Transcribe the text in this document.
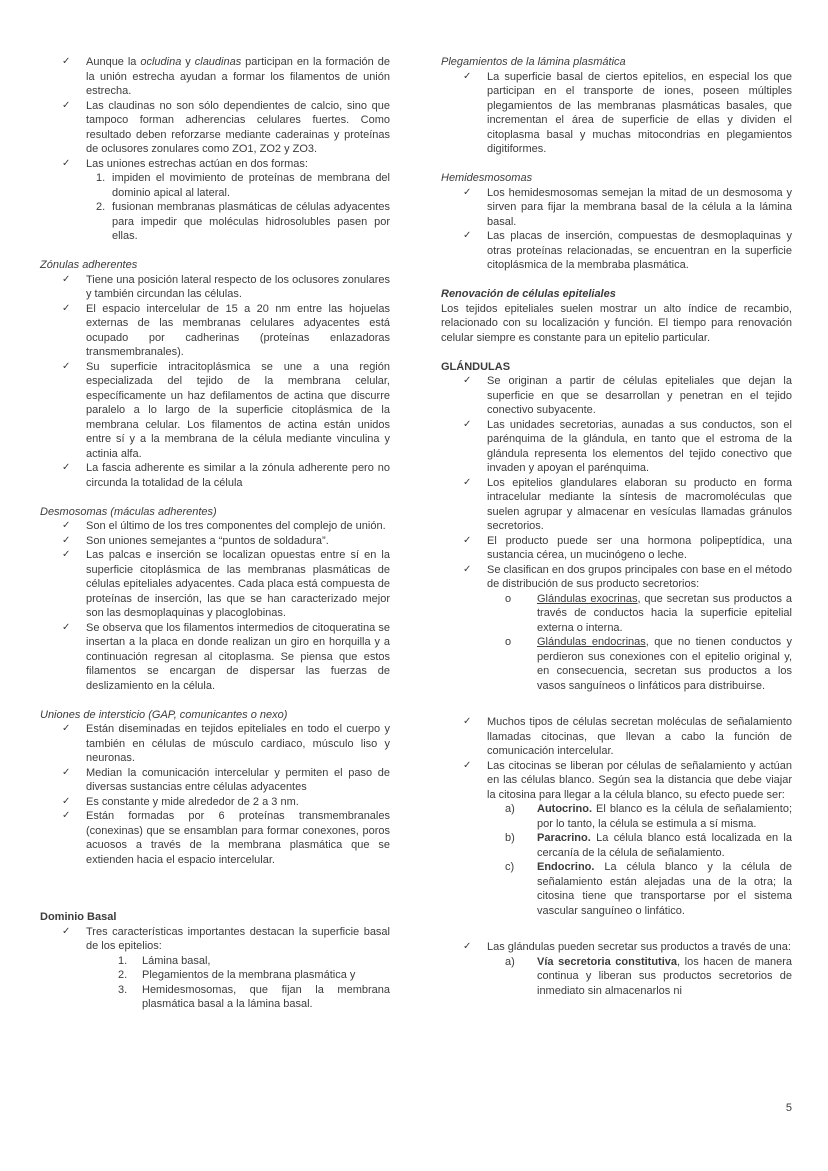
✓ Aunque la ocludina y claudinas participan en la formación de la unión estrecha ayudan a formar los filamentos de unión estrecha.
✓ Las claudinas no son sólo dependientes de calcio, sino que tampoco forman adherencias celulares fuertes. Como resultado deben reforzarse mediante caderainas y proteínas de oclusores zonulares como ZO1, ZO2 y ZO3.
✓ Las uniones estrechas actúan en dos formas:
1. impiden el movimiento de proteínas de membrana del dominio apical al lateral.
2. fusionan membranas plasmáticas de células adyacentes para impedir que moléculas hidrosolubles pasen por ellas.
Zónulas adherentes
✓ Tiene una posición lateral respecto de los oclusores zonulares y también circundan las células.
✓ El espacio intercelular de 15 a 20 nm entre las hojuelas externas de las membranas celulares adyacentes está ocupado por cadherinas (proteínas enlazadoras transmembranales).
✓ Su superficie intracitoplásmica se une a una región especializada del tejido de la membrana celular, específicamente un haz defilamentos de actina que discurre paralelo a lo largo de la superficie citoplásmica de la membrana celular. Los filamentos de actina están unidos entre sí y a la membrana de la célula mediante vinculina y actinia alfa.
✓ La fascia adherente es similar a la zónula adherente pero no circunda la totalidad de la célula
Desmosomas (máculas adherentes)
✓ Son el último de los tres componentes del complejo de unión.
✓ Son uniones semejantes a “puntos de soldadura”.
✓ Las palcas e inserción se localizan opuestas entre sí en la superficie citoplásmica de las membranas plasmáticas de células epiteliales adyacentes. Cada placa está compuesta de proteínas de inserción, las que se han caracterizado mejor son las desmoplaquinas y placoglobinas.
✓ Se observa que los filamentos intermedios de citoqueratina se insertan a la placa en donde realizan un giro en horquilla y a continuación regresan al citoplasma. Se piensa que estos filamentos se encargan de dispersar las fuerzas de deslizamiento en la célula.
Uniones de intersticio (GAP, comunicantes o nexo)
✓ Están diseminadas en tejidos epiteliales en todo el cuerpo y también en células de músculo cardiaco, músculo liso y neuronas.
✓ Median la comunicación intercelular y permiten el paso de diversas sustancias entre células adyacentes
✓ Es constante y mide alrededor de 2 a 3 nm.
✓ Están formadas por 6 proteínas transmembranales (conexinas) que se ensamblan para formar conexones, poros acuosos a través de la membrana plasmática que se extienden hacia el espacio intercelular.
Dominio Basal
✓ Tres características importantes destacan la superficie basal de los epitelios:
1. Lámina basal,
2. Plegamientos de la membrana plasmática y
3. Hemidesmosomas, que fijan la membrana plasmática basal a la lámina basal.
Plegamientos de la lámina plasmática
✓ La superficie basal de ciertos epitelios, en especial los que participan en el transporte de iones, poseen múltiples plegamientos de las membranas plasmáticas basales, que incrementan el área de superficie de ellas y dividen el citoplasma basal y muchas mitocondrias en plegamientos digitiformes.
Hemidesmosomas
✓ Los hemidesmosomas semejan la mitad de un desmosoma y sirven para fijar la membrana basal de la célula a la lámina basal.
✓ Las placas de inserción, compuestas de desmoplaquinas y otras proteínas relacionadas, se encuentran en la superficie citoplásmica de la membraba plasmática.
Renovación de células epiteliales
Los tejidos epiteliales suelen mostrar un alto índice de recambio, relacionado con su localización y función. El tiempo para renovación celular siempre es constante para un epitelio particular.
GLÁNDULAS
✓ Se originan a partir de células epiteliales que dejan la superficie en que se desarrollan y penetran en el tejido conectivo subyacente.
✓ Las unidades secretorias, aunadas a sus conductos, son el parénquima de la glándula, en tanto que el estroma de la glándula representa los elementos del tejido conectivo que invaden y apoyan el parénquima.
✓ Los epitelios glandulares elaboran su producto en forma intracelular mediante la síntesis de macromoléculas que suelen agrupar y almacenar en vesículas llamadas gránulos secretorios.
✓ El producto puede ser una hormona polipeptídica, una sustancia cérea, un mucinógeno o leche.
✓ Se clasifican en dos grupos principales con base en el método de distribución de sus producto secretorios:
o Glándulas exocrinas, que secretan sus productos a través de conductos hacia la superficie epitelial externa o interna.
o Glándulas endocrinas, que no tienen conductos y perdieron sus conexiones con el epitelio original y, en consecuencia, secretan sus productos a los vasos sanguíneos o linfáticos para distribuirse.
✓ Muchos tipos de células secretan moléculas de señalamiento llamadas citocinas, que llevan a cabo la función de comunicación intercelular.
✓ Las citocinas se liberan por células de señalamiento y actúan en las células blanco. Según sea la distancia que debe viajar la citosina para llegar a la célula blanco, su efecto puede ser:
a) Autocrino. El blanco es la célula de señalamiento; por lo tanto, la célula se estimula a sí misma.
b) Paracrino. La célula blanco está localizada en la cercanía de la célula de señalamiento.
c) Endocrino. La célula blanco y la célula de señalamiento están alejadas una de la otra; la citosina tiene que transportarse por el sistema vascular sanguíneo o linfático.
✓ Las glándulas pueden secretar sus productos a través de una:
a) Vía secretoria constitutiva, los hacen de manera continua y liberan sus productos secretorios de inmediato sin almacenarlos ni
5
